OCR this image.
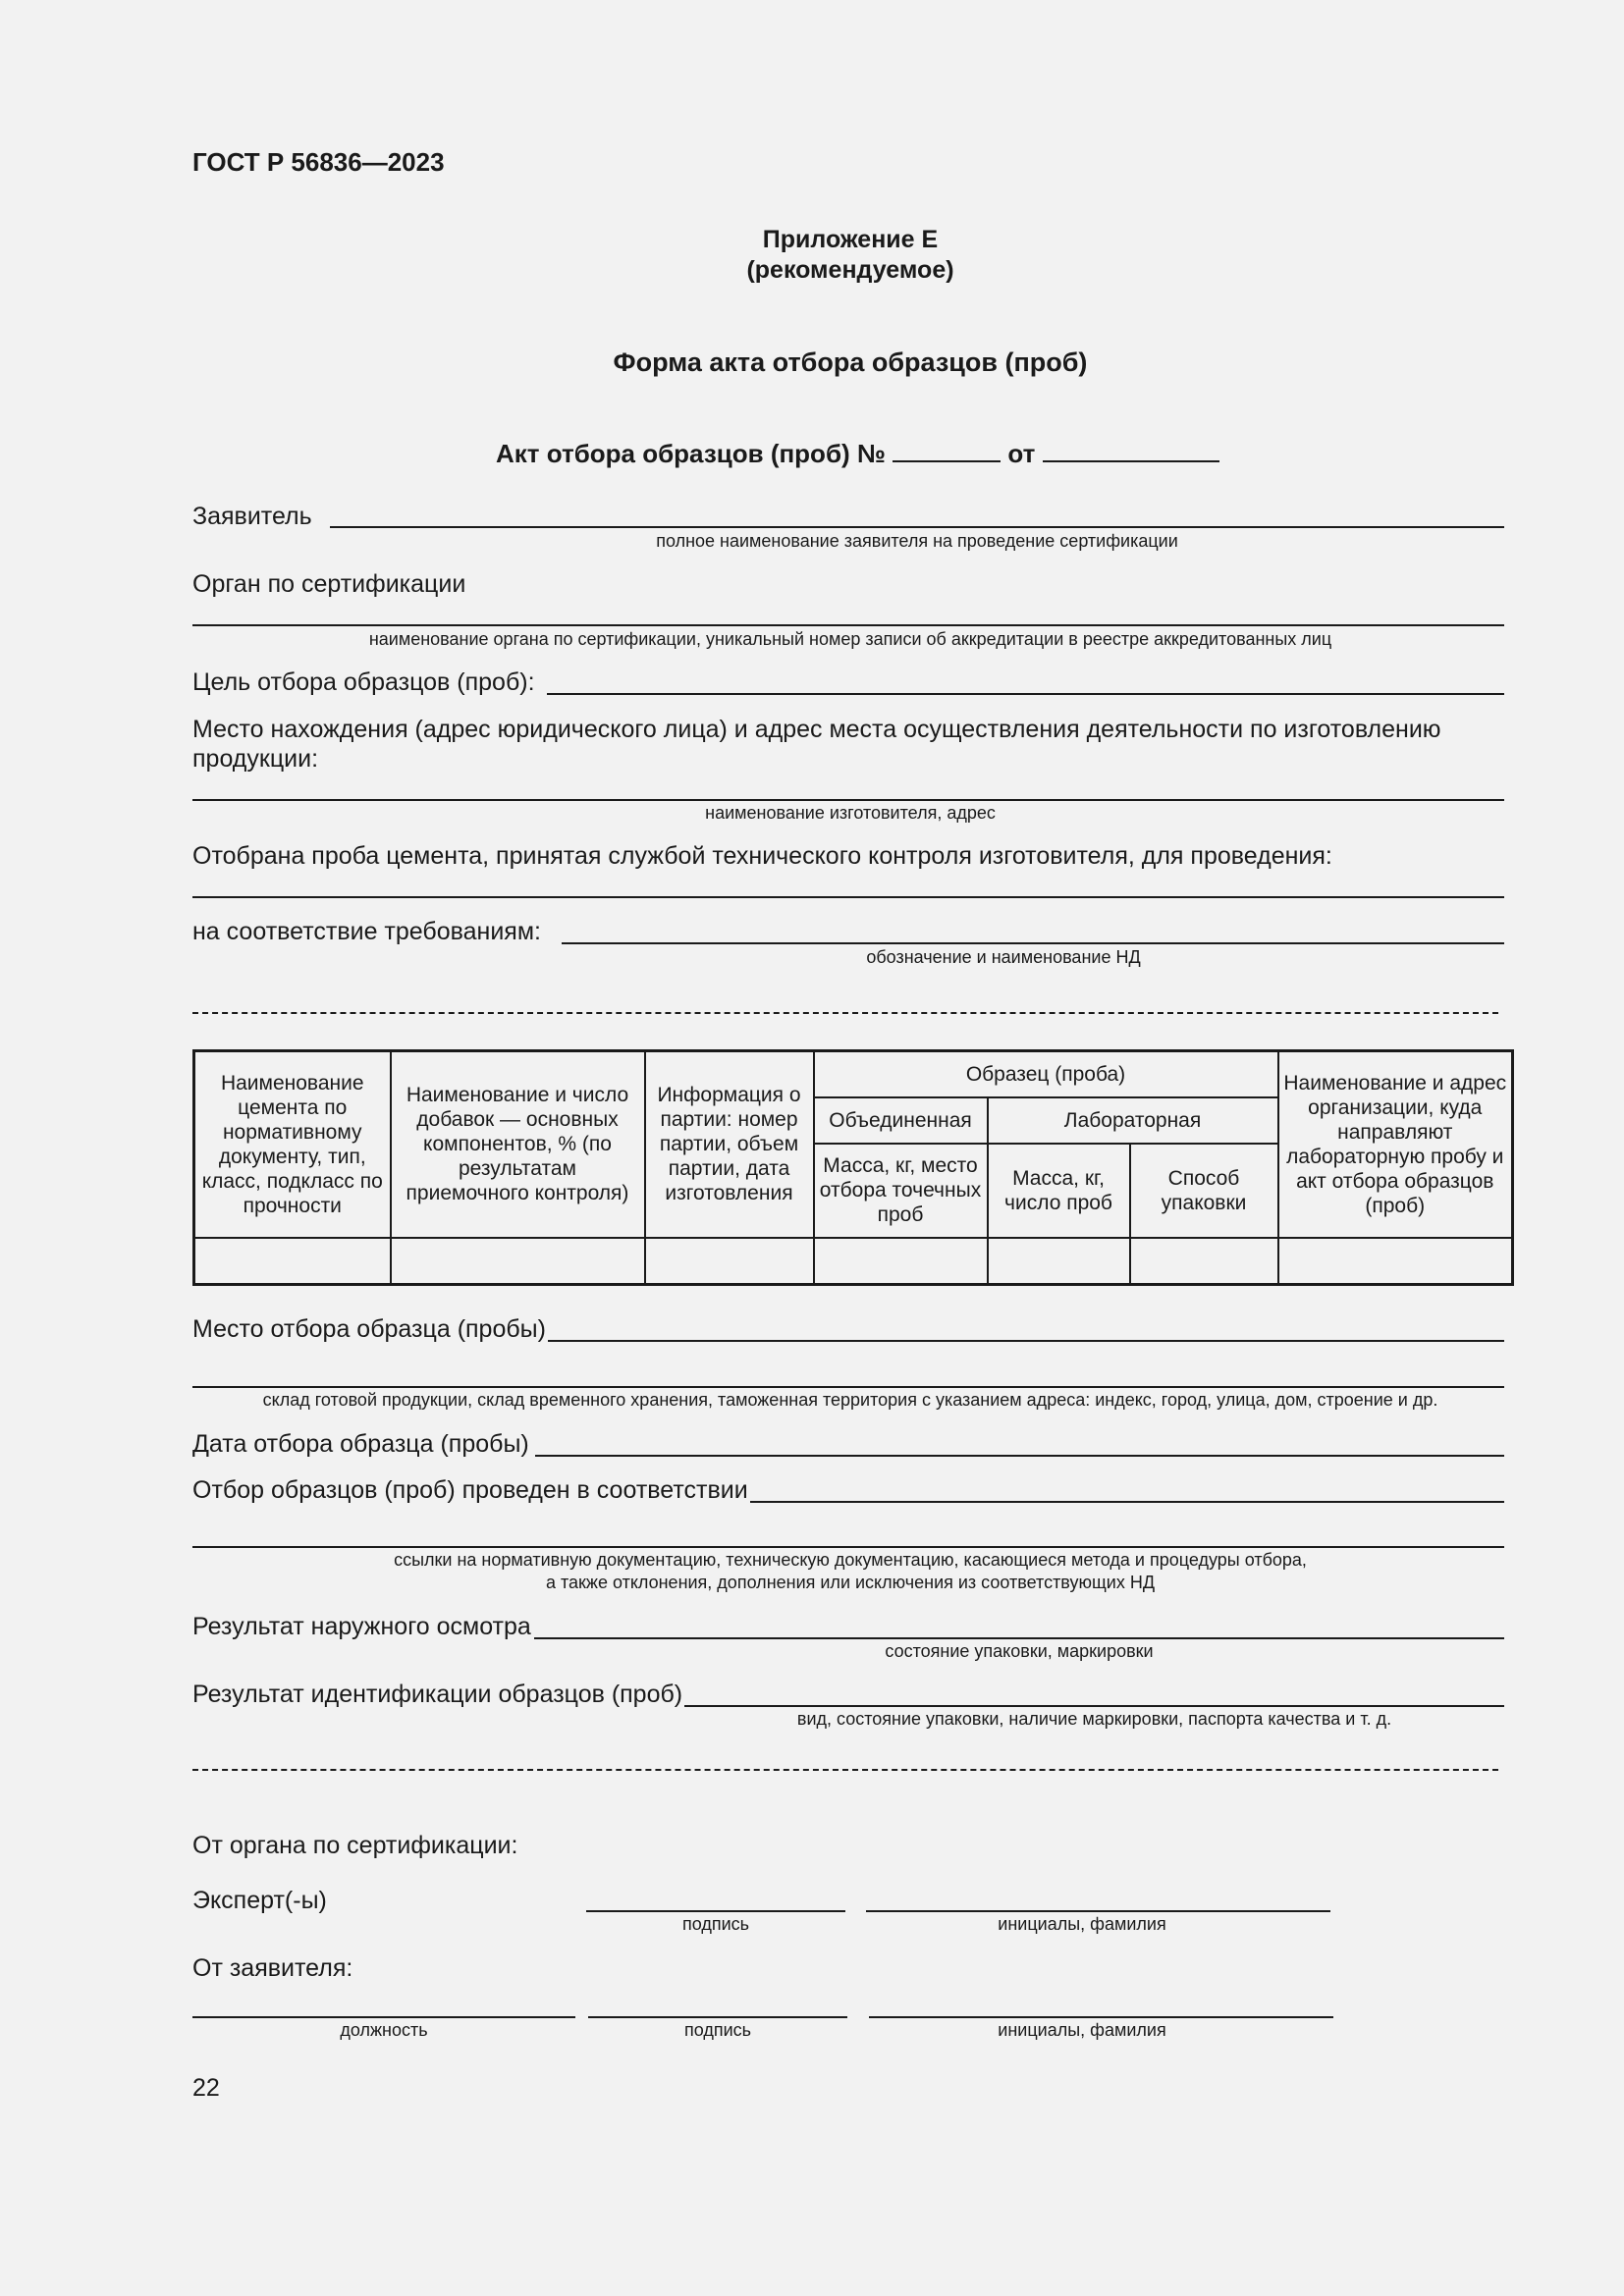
ГОСТ Р 56836—2023
Приложение Е
(рекомендуемое)
Форма акта отбора образцов (проб)
Акт отбора образцов (проб) №	от
Заявитель
полное наименование заявителя на проведение сертификации
Орган по сертификации
наименование органа по сертификации, уникальный номер записи об аккредитации в реестре аккредитованных лиц
Цель отбора образцов (проб):
Место нахождения (адрес юридического лица) и адрес места осуществления деятельности по изготовлению
продукции:
наименование изготовителя, адрес
Отобрана проба цемента, принятая службой технического контроля изготовителя, для проведения:
на соответствие требованиям:
обозначение и наименование НД
Наименование цемента по нормативному документу, тип, класс, подкласс по прочности	Наименование и число добавок — основных компонентов, % (по результатам приемочного контроля)	Информация о партии: номер партии, объем партии, дата изготовления	Образец (проба)			Наименование и адрес организации, куда направляют лабораторную пробу и акт отбора образцов (проб)
			Объединенная	Лабораторная		
			Масса, кг, место отбора точечных проб	Масса, кг, число проб	Способ упаковки	

Место отбора образца (пробы)
склад готовой продукции, склад временного хранения, таможенная территория с указанием адреса: индекс, город, улица, дом, строение и др.
Дата отбора образца (пробы)
Отбор образцов (проб) проведен в соответствии
ссылки на нормативную документацию, техническую документацию, касающиеся метода и процедуры отбора,
а также отклонения, дополнения или исключения из соответствующих НД
Результат наружного осмотра
состояние упаковки, маркировки
Результат идентификации образцов (проб)
вид, состояние упаковки, наличие маркировки, паспорта качества и т. д.
От органа по сертификации:
Эксперт(-ы)
подпись	инициалы, фамилия
От заявителя:
должность	подпись	инициалы, фамилия
22
